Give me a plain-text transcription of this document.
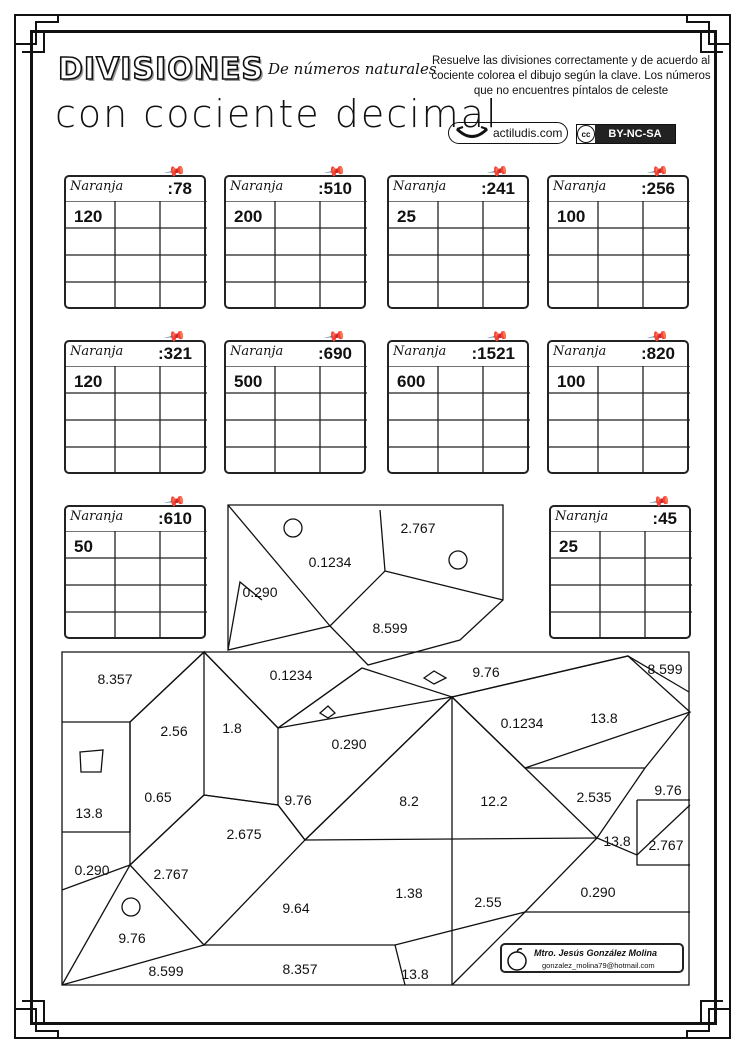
DIVISIONES De números naturales
con cociente decimal
Resuelve las divisiones correctamente y de acuerdo al cociente colorea el dibujo según la clave. Los números que no encuentres píntalos de celeste
actiludis.com	cc	BY-NC-SA
📌
Naranja	:78
120
📌
Naranja :510
200
📌
Naranja :241
25
📌
Naranja :256
100
📌
Naranja :321
120
📌
Naranja :690
500
📌
Naranja :1521
600
📌
Naranja :820
100
📌
Naranja :610
50
📌
Naranja	:45
25
0.1234
2.767
0.290
8.599
8.357	0.1234	9.76	8.599
2.56 1.8
0.290
0.1234	13.8
13.8
0.65	9.76	8.2	12.2	2.535	9.76
2.675	13.8 2.767
0.290	2.767
9.64
1.38
2.55
0.290
9.76
8.599	8.357	13.8
Mtro. Jesús González Molina
gonzalez_molina79@hotmail.com
